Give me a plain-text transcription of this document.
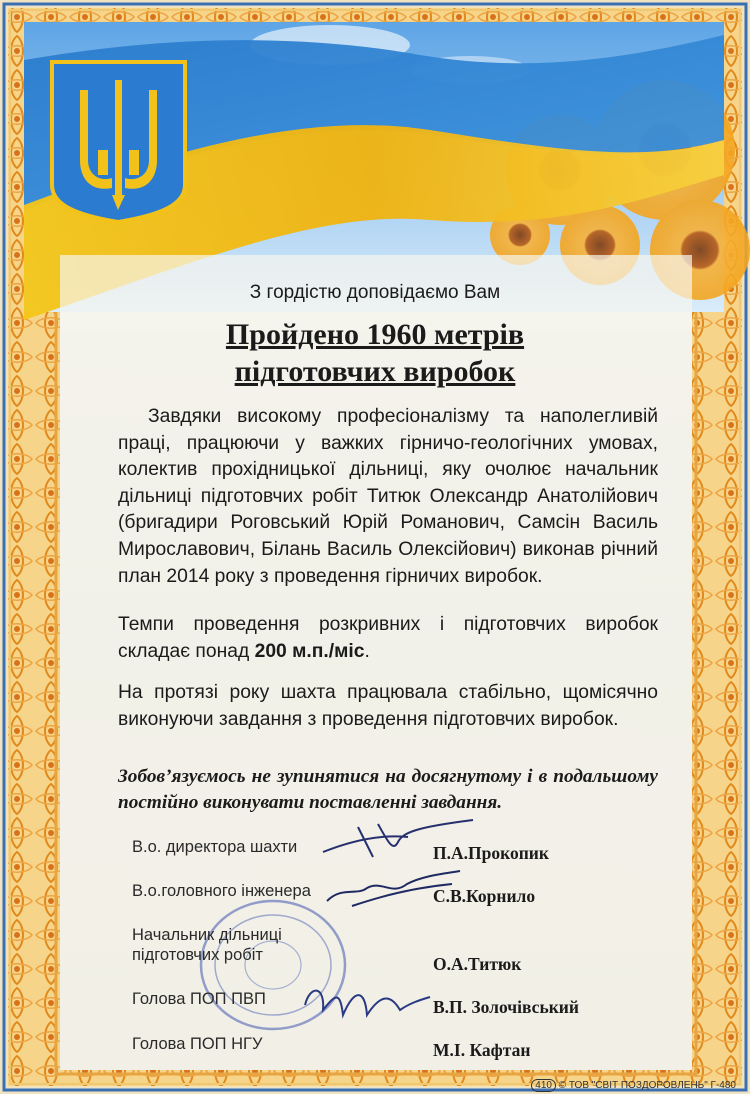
З гордістю доповідаємо Вам
Пройдено 1960 метрів
підготовчих виробок
Завдяки високому професіоналізму та наполегливій праці, працюючи у важких гірничо-геологічних умовах, колектив прохідницької дільниці, яку очолює начальник дільниці підготовчих робіт Титюк Олександр Анатолійович (бригадири Роговський Юрій Романович, Самсін Василь Мирославович, Білань Василь Олексійович) виконав річний план 2014 року з проведення гірничих виробок.
Темпи проведення розкривних і підготовчих виробок складає понад 200 м.п./міс.
На протязі року шахта працювала стабільно, щомісячно виконуючи завдання з проведення підготовчих виробок.
Зобов’язуємось не зупинятися на досягнутому і в подальшому постійно виконувати поставленні завдання.
В.о. директора шахти	П.А.Прокопик
В.о.головного інженера	С.В.Корнило
Начальник дільниці
підготовчих робіт	О.А.Титюк
Голова ПОП ПВП	В.П. Золочівський
Голова ПОП НГУ	М.І. Кафтан
410 © ТОВ "СВІТ ПОЗДОРОВЛЕНЬ" Г-480
